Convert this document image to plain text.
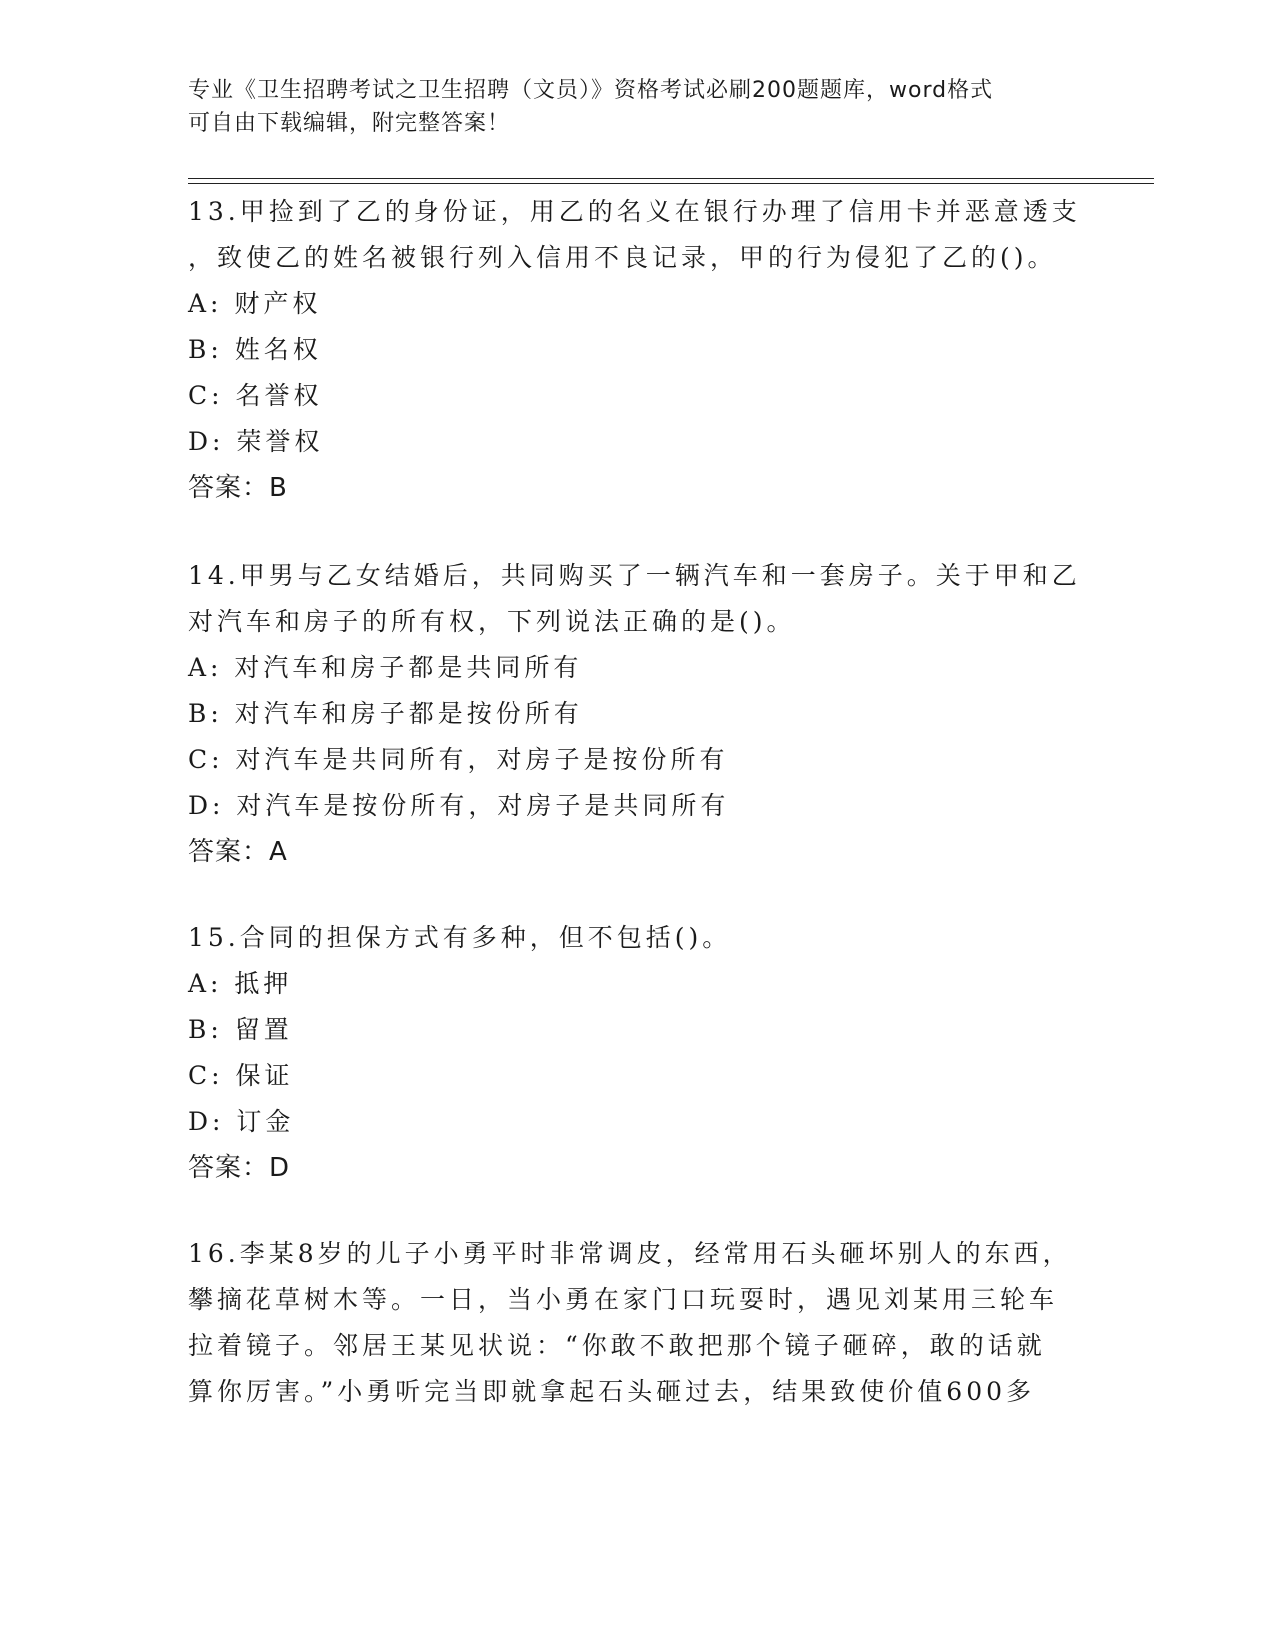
专业《卫生招聘考试之卫生招聘（文员）》资格考试必刷200题题库，word格式
可自由下载编辑，附完整答案！
13.甲捡到了乙的身份证，用乙的名义在银行办理了信用卡并恶意透支
，致使乙的姓名被银行列入信用不良记录，甲的行为侵犯了乙的()。
A: 财产权
B: 姓名权
C: 名誉权
D: 荣誉权
答案：B
14.甲男与乙女结婚后，共同购买了一辆汽车和一套房子。关于甲和乙
对汽车和房子的所有权，下列说法正确的是()。
A: 对汽车和房子都是共同所有
B: 对汽车和房子都是按份所有
C: 对汽车是共同所有，对房子是按份所有
D: 对汽车是按份所有，对房子是共同所有
答案：A
15.合同的担保方式有多种，但不包括()。
A: 抵押
B: 留置
C: 保证
D: 订金
答案：D
16.李某8岁的儿子小勇平时非常调皮，经常用石头砸坏别人的东西，
攀摘花草树木等。一日，当小勇在家门口玩耍时，遇见刘某用三轮车
拉着镜子。邻居王某见状说：“你敢不敢把那个镜子砸碎，敢的话就
算你厉害。”小勇听完当即就拿起石头砸过去，结果致使价值600多
